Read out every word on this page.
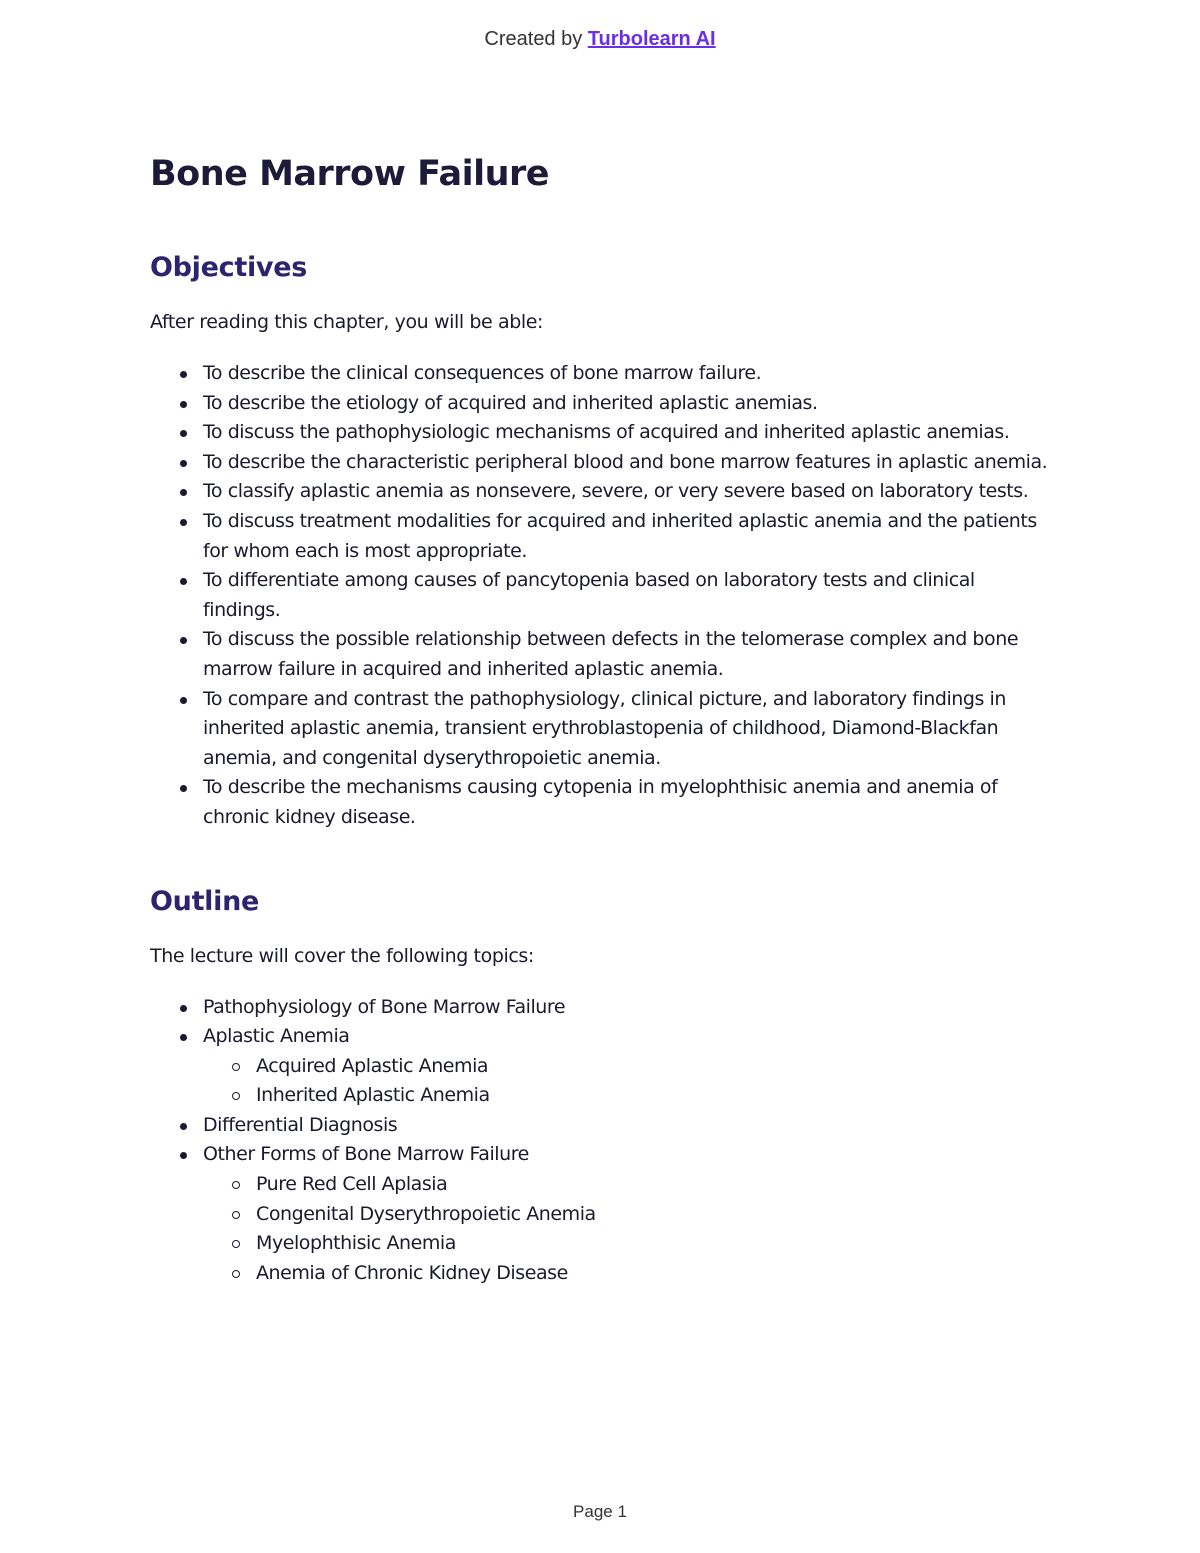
Created by Turbolearn AI
Bone Marrow Failure
Objectives

After reading this chapter, you will be able:

To describe the clinical consequences of bone marrow failure.
To describe the etiology of acquired and inherited aplastic anemias.
To discuss the pathophysiologic mechanisms of acquired and inherited aplastic anemias.
To describe the characteristic peripheral blood and bone marrow features in aplastic anemia.
To classify aplastic anemia as nonsevere, severe, or very severe based on laboratory tests.
To discuss treatment modalities for acquired and inherited aplastic anemia and the patients for whom each is most appropriate.
To differentiate among causes of pancytopenia based on laboratory tests and clinical findings.
To discuss the possible relationship between defects in the telomerase complex and bone marrow failure in acquired and inherited aplastic anemia.
To compare and contrast the pathophysiology, clinical picture, and laboratory findings in inherited aplastic anemia, transient erythroblastopenia of childhood, Diamond-Blackfan anemia, and congenital dyserythropoietic anemia.
To describe the mechanisms causing cytopenia in myelophthisic anemia and anemia of chronic kidney disease.
Outline

The lecture will cover the following topics:

Pathophysiology of Bone Marrow Failure
Aplastic Anemia
Acquired Aplastic Anemia
Inherited Aplastic Anemia
Differential Diagnosis
Other Forms of Bone Marrow Failure
Pure Red Cell Aplasia
Congenital Dyserythropoietic Anemia
Myelophthisic Anemia
Anemia of Chronic Kidney Disease
Page 1
